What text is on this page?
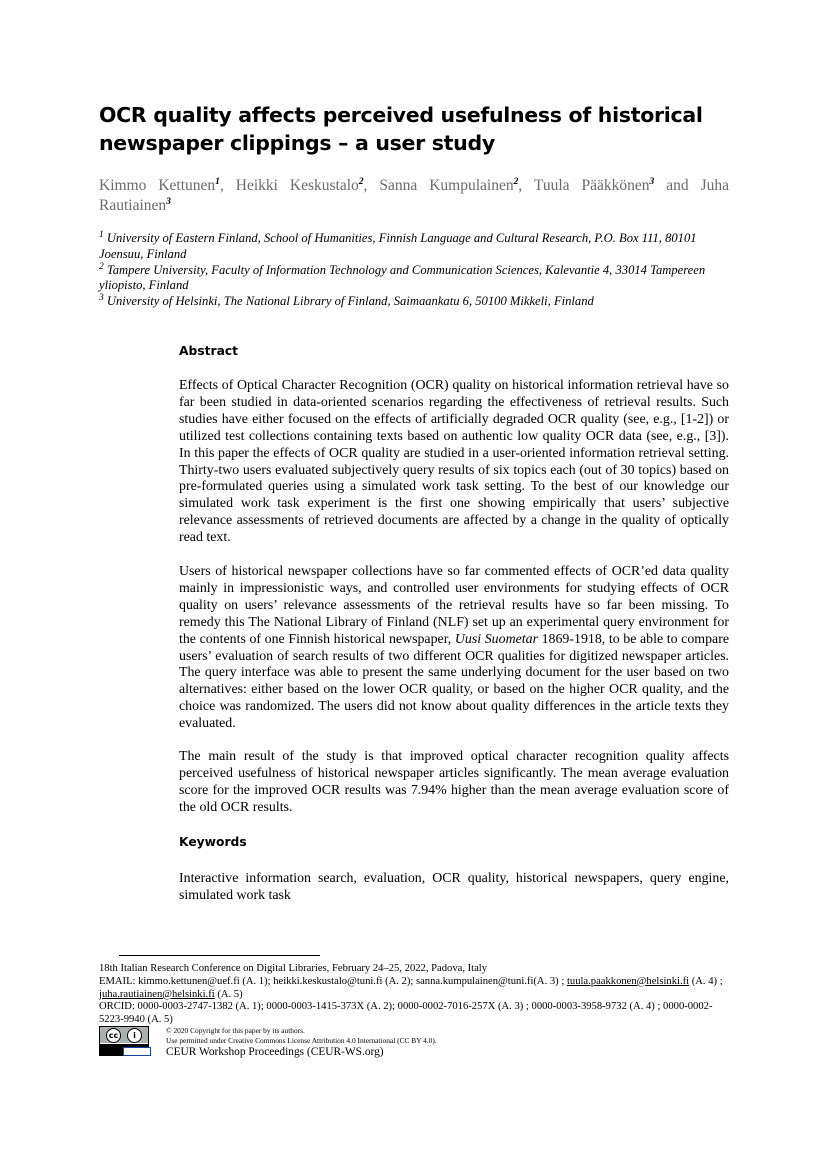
OCR quality affects perceived usefulness of historical newspaper clippings – a user study

Kimmo Kettunen$^1$, Heikki Keskustalo$^2$, Sanna Kumpulainen$^2$, Tuula Pääkkönen$^3$ and Juha Rautiainen$^3$

$^1$ University of Eastern Finland, School of Humanities, Finnish Language and Cultural Research, P.O. Box 111, 80101 Joensuu, Finland

$^2$ Tampere University, Faculty of Information Technology and Communication Sciences, Kalevantie 4, 33014 Tampereen yliopisto, Finland

$^3$ University of Helsinki, The National Library of Finland, Saimaankatu 6, 50100 Mikkeli, Finland

Abstract

Effects of Optical Character Recognition (OCR) quality on historical information retrieval have so far been studied in data-oriented scenarios regarding the effectiveness of retrieval results. Such studies have either focused on the effects of artificially degraded OCR quality (see, e.g., [1-2]) or utilized test collections containing texts based on authentic low quality OCR data (see, e.g., [3]). In this paper the effects of OCR quality are studied in a user-oriented information retrieval setting. Thirty-two users evaluated subjectively query results of six topics each (out of 30 topics) based on pre-formulated queries using a simulated work task setting. To the best of our knowledge our simulated work task experiment is the first one showing empirically that users’ subjective relevance assessments of retrieved documents are affected by a change in the quality of optically read text.

Users of historical newspaper collections have so far commented effects of OCR’ed data quality mainly in impressionistic ways, and controlled user environments for studying effects of OCR quality on users’ relevance assessments of the retrieval results have so far been missing. To remedy this The National Library of Finland (NLF) set up an experimental query environment for the contents of one Finnish historical newspaper, Uusi Suometar 1869-1918, to be able to compare users’ evaluation of search results of two different OCR qualities for digitized newspaper articles. The query interface was able to present the same underlying document for the user based on two alternatives: either based on the lower OCR quality, or based on the higher OCR quality, and the choice was randomized. The users did not know about quality differences in the article texts they evaluated.

The main result of the study is that improved optical character recognition quality affects perceived usefulness of historical newspaper articles significantly. The mean average evaluation score for the improved OCR results was 7.94% higher than the mean average evaluation score of the old OCR results.

Keywords

Interactive information search, evaluation, OCR quality, historical newspapers, query engine, simulated work task

18th Italian Research Conference on Digital Libraries, February 24–25, 2022, Padova, Italy

EMAIL: kimmo.kettunen@uef.fi (A. 1); heikki.keskustalo@tuni.fi (A. 2); sanna.kumpulainen@tuni.fi(A. 3) ; tuula.paakkonen@helsinki.fi (A. 4) ; juha.rautiainen@helsinki.fi (A. 5)

ORCID: 0000-0003-2747-1382 (A. 1); 0000-0003-1415-373X (A. 2); 0000-0002-7016-257X (A. 3) ; 0000-0003-3958-9732 (A. 4) ; 0000-0002-5223-9940 (A. 5)

cc	i

© 2020 Copyright for this paper by its authors.

Use permitted under Creative Commons License Attribution 4.0 International (CC BY 4.0).

CEUR Workshop Proceedings (CEUR-WS.org)
